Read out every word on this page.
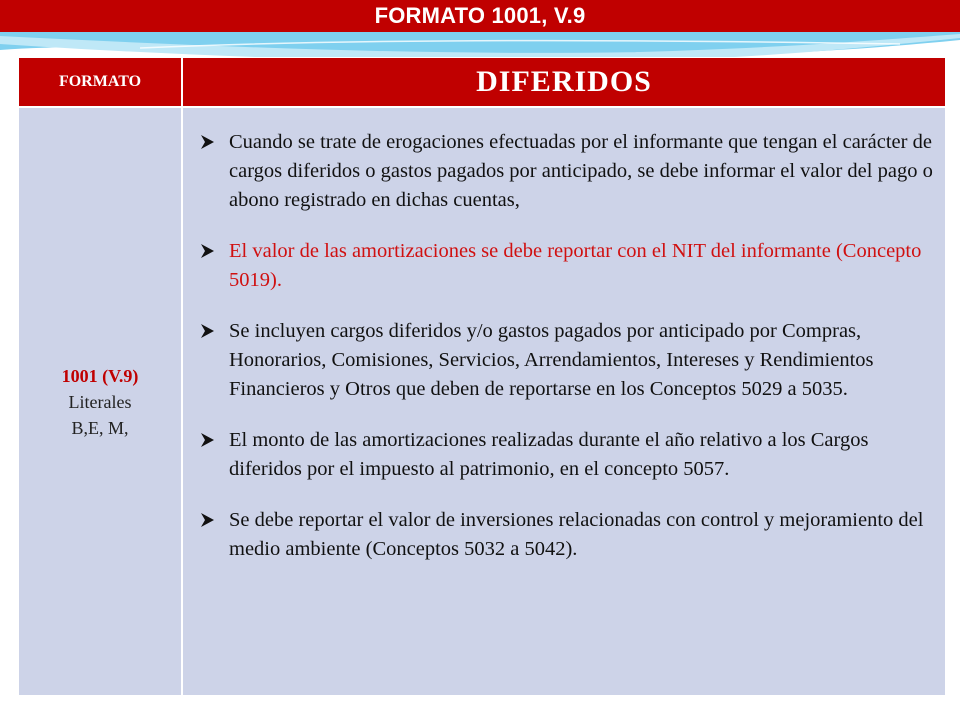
FORMATO 1001, V.9
FORMATO	DIFERIDOS
1001 (V.9)
Literales
B,E, M,
Cuando se trate de erogaciones efectuadas por el informante que tengan el carácter de cargos diferidos o gastos pagados por anticipado, se debe informar el valor del pago o abono registrado en dichas cuentas,
El valor de las amortizaciones se debe reportar con el NIT del informante (Concepto 5019).
Se incluyen cargos diferidos y/o gastos pagados por anticipado por Compras, Honorarios, Comisiones, Servicios, Arrendamientos, Intereses y Rendimientos Financieros y Otros que deben de reportarse en los Conceptos 5029 a 5035.
El monto de las amortizaciones realizadas durante el año relativo a los Cargos diferidos por el impuesto al patrimonio, en el concepto 5057.
Se debe reportar el valor de inversiones relacionadas con control y mejoramiento del medio ambiente (Conceptos 5032 a 5042).
